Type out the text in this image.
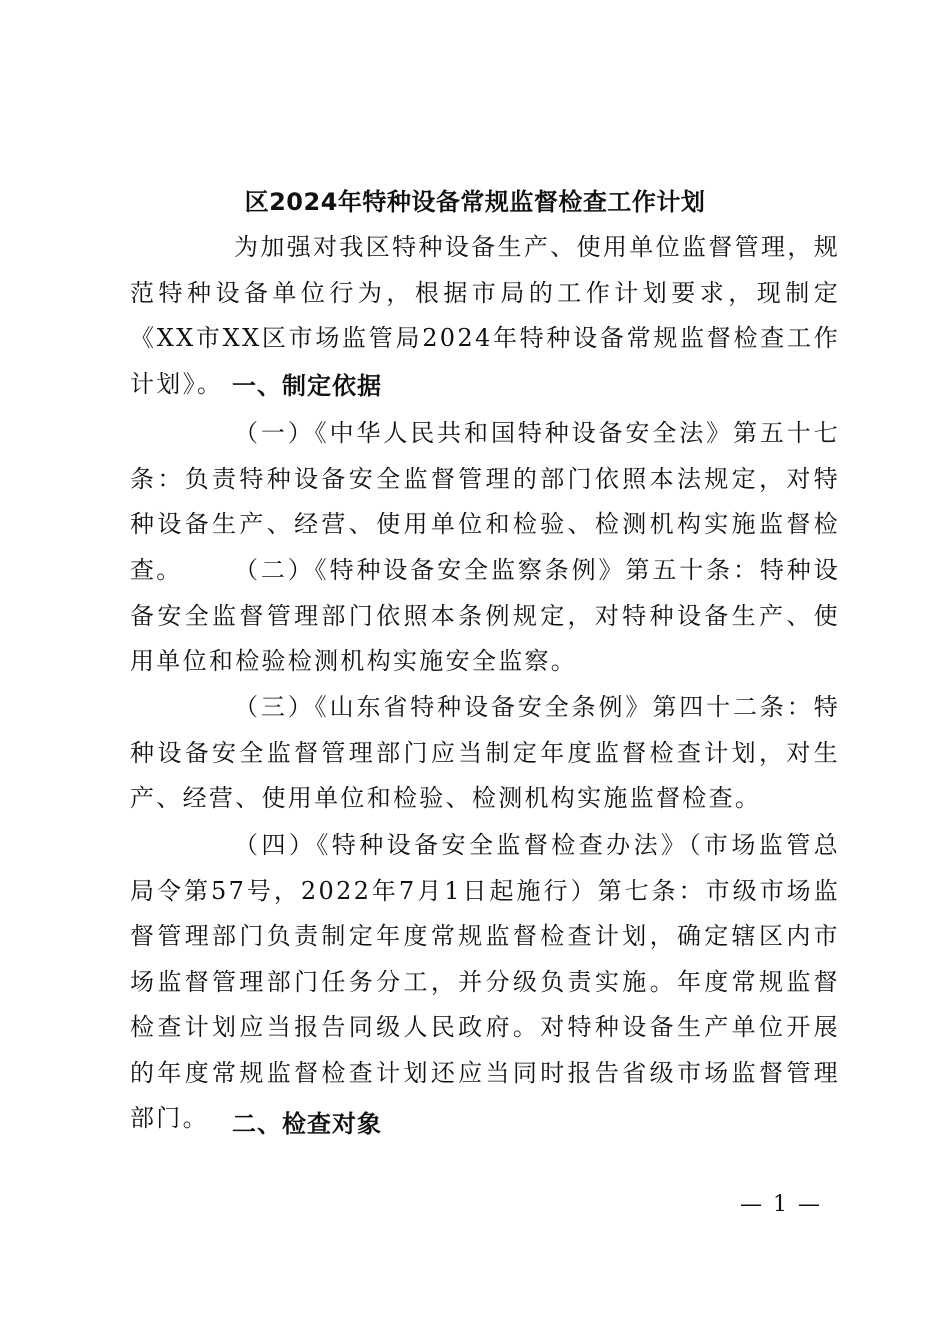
区2024年特种设备常规监督检查工作计划

为加强对我区特种设备生产、使用单位监督管理，规范特种设备单位行为，根据市局的工作计划要求，现制定《XX市XX区市场监管局2024年特种设备常规监督检查工作计划》。 一、制定依据

（一）《中华人民共和国特种设备安全法》第五十七条：负责特种设备安全监督管理的部门依照本法规定，对特种设备生产、经营、使用单位和检验、检测机构实施监督检查。	（二）《特种设备安全监察条例》第五十条：特种设备安全监督管理部门依照本条例规定，对特种设备生产、使用单位和检验检测机构实施安全监察。

（三）《山东省特种设备安全条例》第四十二条：特种设备安全监督管理部门应当制定年度监督检查计划，对生产、经营、使用单位和检验、检测机构实施监督检查。

（四）《特种设备安全监督检查办法》（市场监管总局令第57号，2022年7月1日起施行）第七条：市级市场监督管理部门负责制定年度常规监督检查计划，确定辖区内市场监督管理部门任务分工，并分级负责实施。年度常规监督检查计划应当报告同级人民政府。对特种设备生产单位开展的年度常规监督检查计划还应当同时报告省级市场监督管理部门。 二、检查对象
— 1 —
